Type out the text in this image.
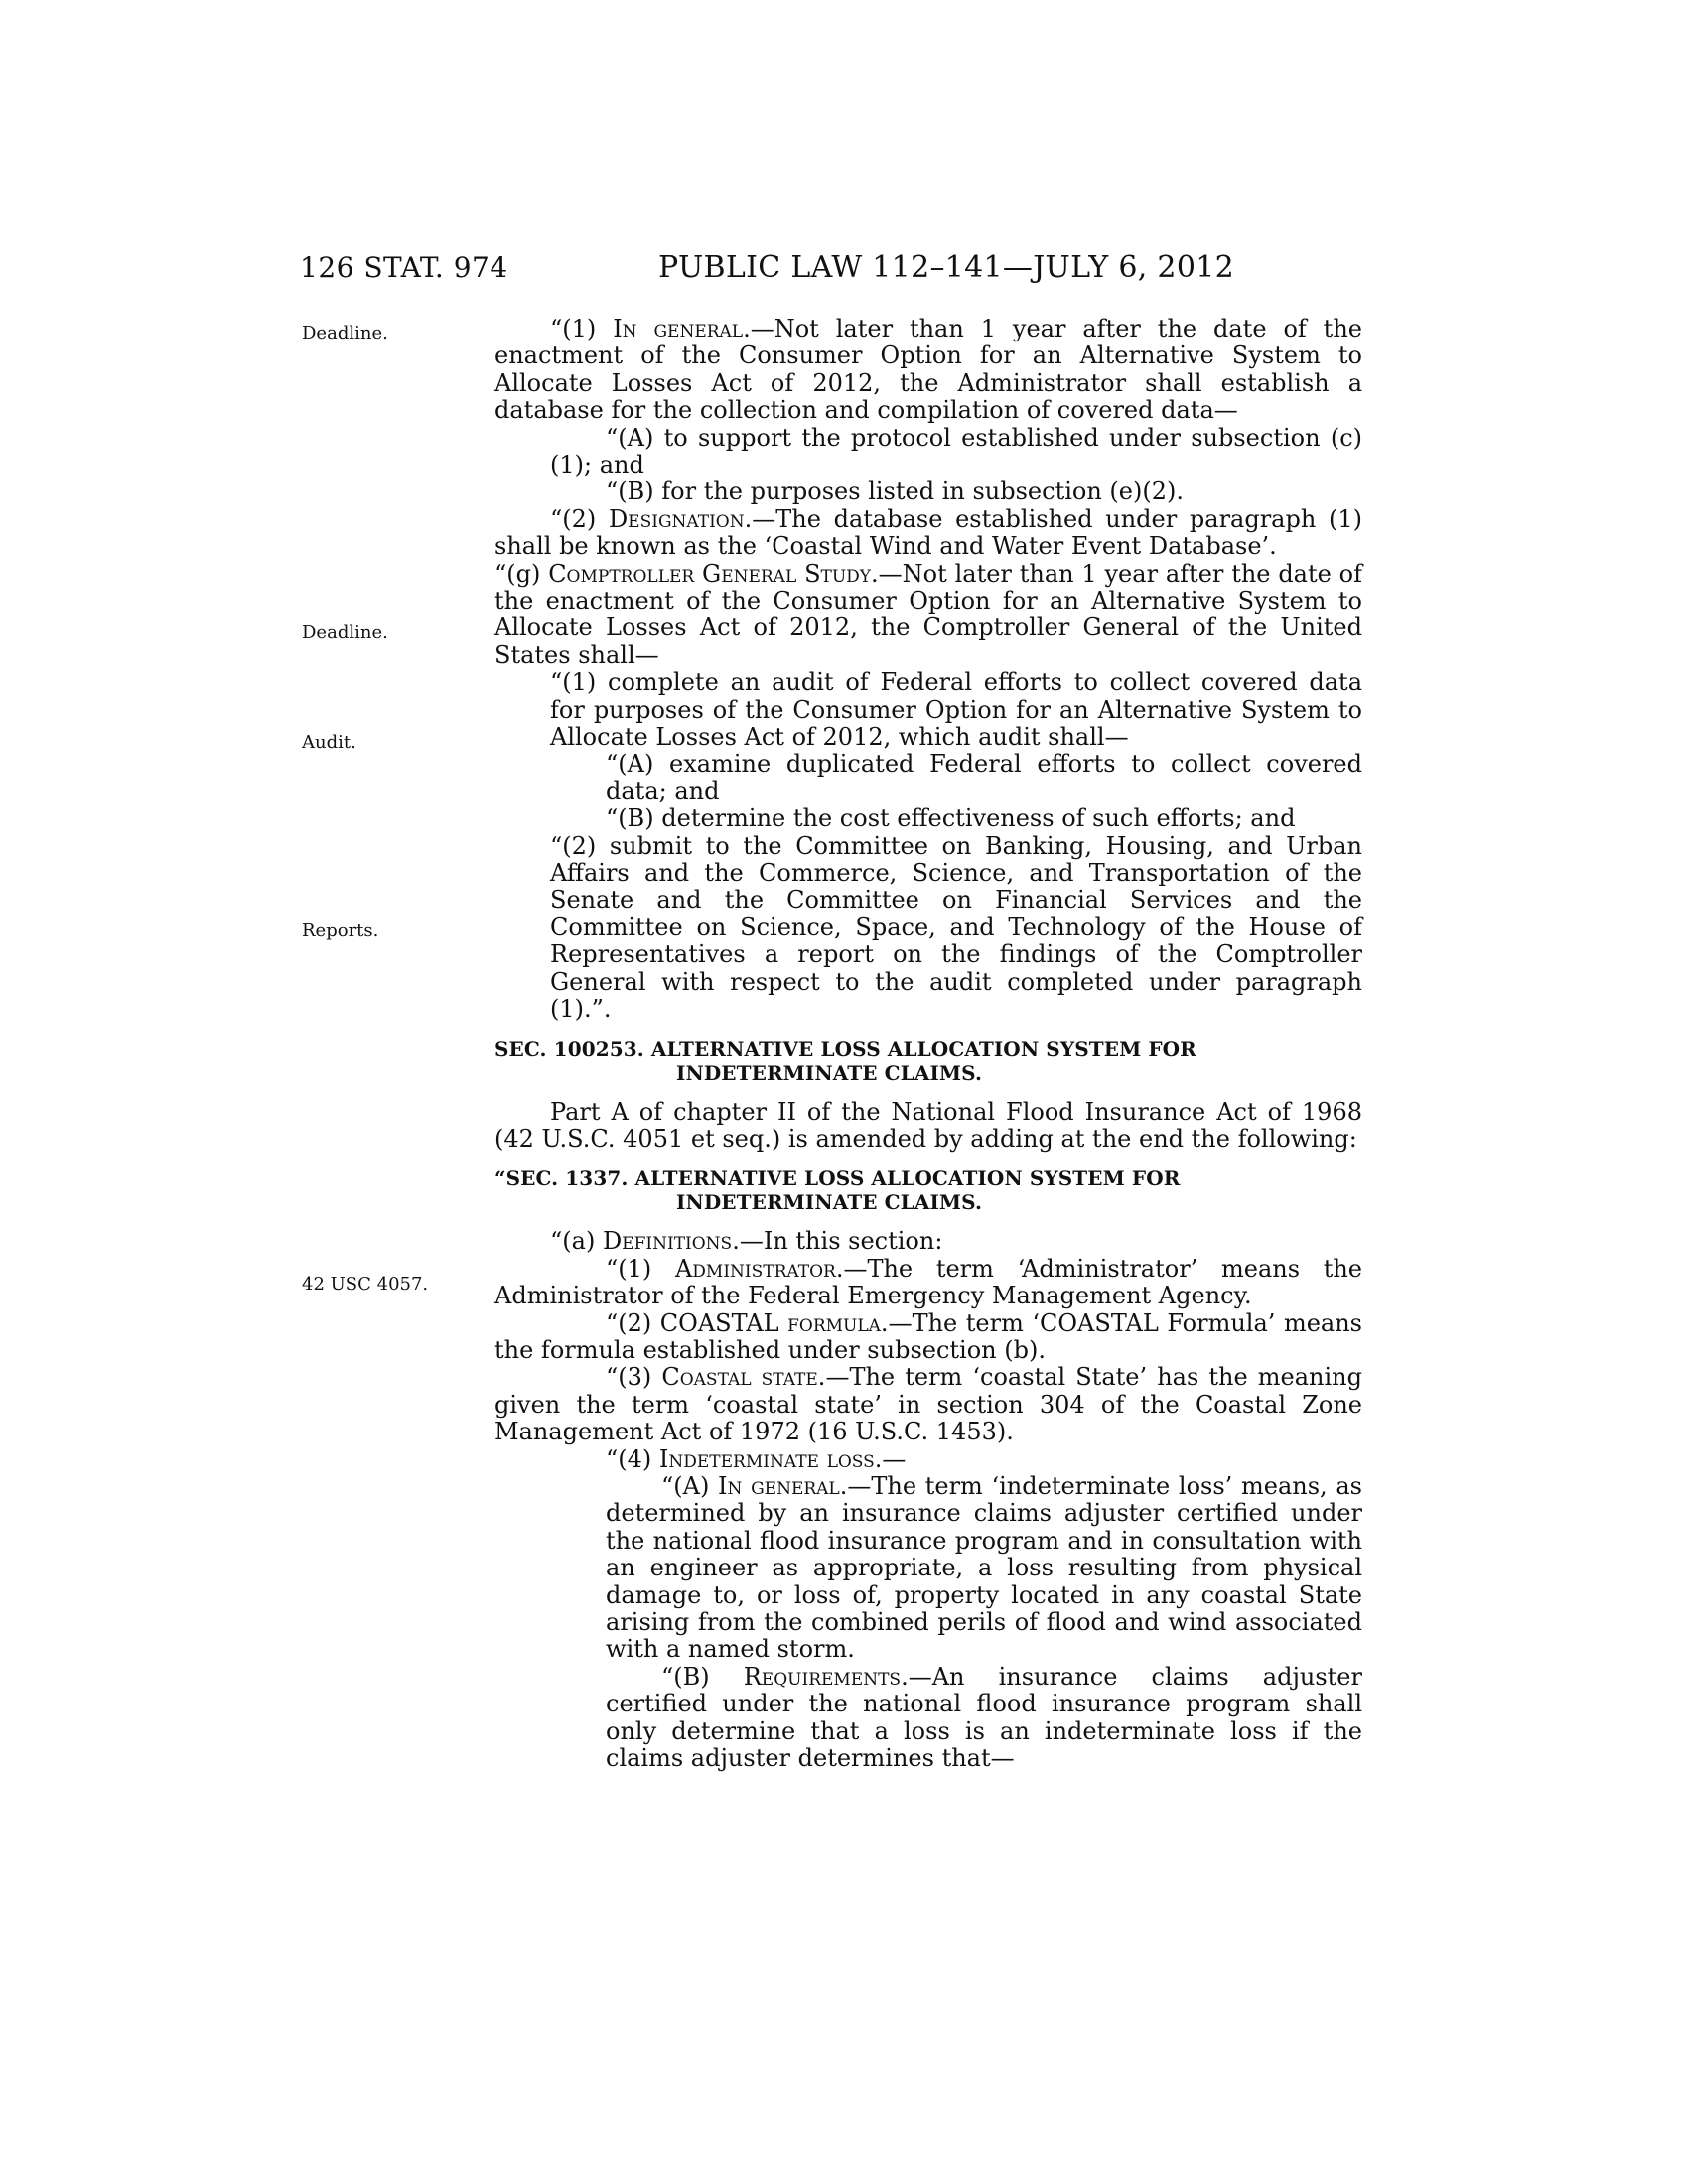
126 STAT. 974	PUBLIC LAW 112–141—JULY 6, 2012
Deadline.
Deadline.
Audit.
Reports.
42 USC 4057.

“(1) In general.—Not later than 1 year after the date of the enactment of the Consumer Option for an Alternative System to Allocate Losses Act of 2012, the Administrator shall establish a database for the collection and compilation of covered data—

“(A) to support the protocol established under subsection (c)(1); and

“(B) for the purposes listed in subsection (e)(2).

“(2) Designation.—The database established under paragraph (1) shall be known as the ‘Coastal Wind and Water Event Database’.

“(g) Comptroller General Study.—Not later than 1 year after the date of the enactment of the Consumer Option for an Alternative System to Allocate Losses Act of 2012, the Comptroller General of the United States shall—

“(1) complete an audit of Federal efforts to collect covered data for purposes of the Consumer Option for an Alternative System to Allocate Losses Act of 2012, which audit shall—

“(A) examine duplicated Federal efforts to collect covered data; and

“(B) determine the cost effectiveness of such efforts; and

“(2) submit to the Committee on Banking, Housing, and Urban Affairs and the Commerce, Science, and Transportation of the Senate and the Committee on Financial Services and the Committee on Science, Space, and Technology of the House of Representatives a report on the findings of the Comptroller General with respect to the audit completed under paragraph (1).”.

SEC. 100253. ALTERNATIVE LOSS ALLOCATION SYSTEM FOR INDETERMINATE CLAIMS.

Part A of chapter II of the National Flood Insurance Act of 1968 (42 U.S.C. 4051 et seq.) is amended by adding at the end the following:

“SEC. 1337. ALTERNATIVE LOSS ALLOCATION SYSTEM FOR INDETERMINATE CLAIMS.

“(a) Definitions.—In this section:

“(1) Administrator.—The term ‘Administrator’ means the Administrator of the Federal Emergency Management Agency.

“(2) COASTAL formula.—The term ‘COASTAL Formula’ means the formula established under subsection (b).

“(3) Coastal state.—The term ‘coastal State’ has the meaning given the term ‘coastal state’ in section 304 of the Coastal Zone Management Act of 1972 (16 U.S.C. 1453).

“(4) Indeterminate loss.—

“(A) In general.—The term ‘indeterminate loss’ means, as determined by an insurance claims adjuster certified under the national flood insurance program and in consultation with an engineer as appropriate, a loss resulting from physical damage to, or loss of, property located in any coastal State arising from the combined perils of flood and wind associated with a named storm.

“(B) Requirements.—An insurance claims adjuster certified under the national flood insurance program shall only determine that a loss is an indeterminate loss if the claims adjuster determines that—
